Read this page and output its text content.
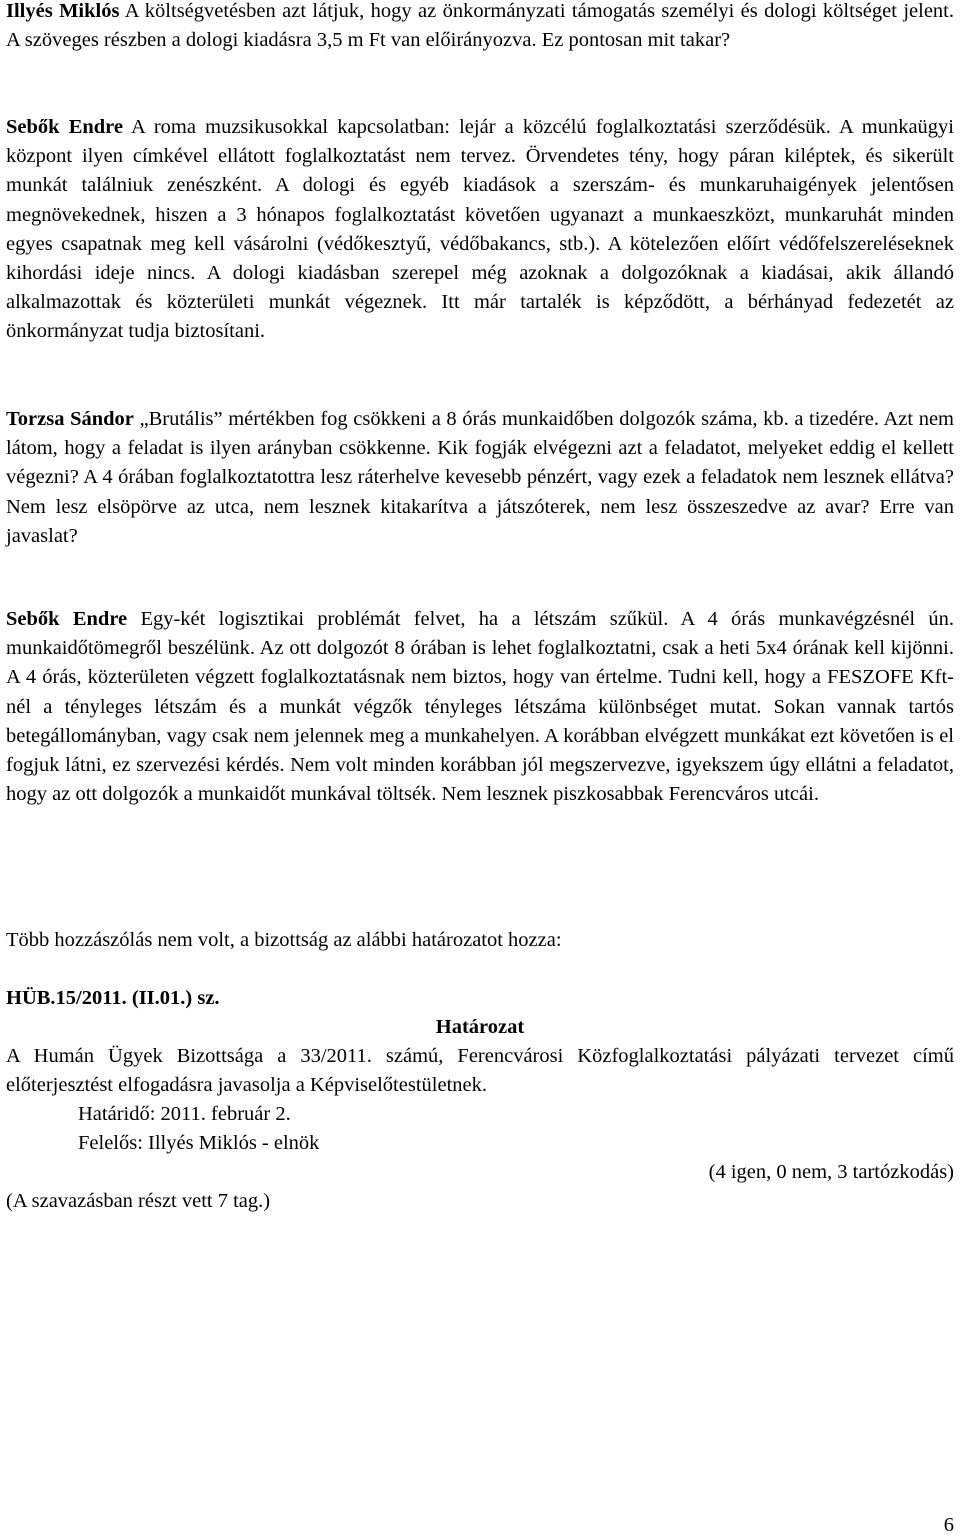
Illyés Miklós A költségvetésben azt látjuk, hogy az önkormányzati támogatás személyi és dologi költséget jelent. A szöveges részben a dologi kiadásra 3,5 m Ft van előirányozva. Ez pontosan mit takar?

Sebők Endre A roma muzsikusokkal kapcsolatban: lejár a közcélú foglalkoztatási szerződésük. A munkaügyi központ ilyen címkével ellátott foglalkoztatást nem tervez. Örvendetes tény, hogy páran kiléptek, és sikerült munkát találniuk zenészként. A dologi és egyéb kiadások a szerszám- és munkaruhaigények jelentősen megnövekednek, hiszen a 3 hónapos foglalkoztatást követően ugyanazt a munkaeszközt, munkaruhát minden egyes csapatnak meg kell vásárolni (védőkesztyű, védőbakancs, stb.). A kötelezően előírt védőfelszereléseknek kihordási ideje nincs. A dologi kiadásban szerepel még azoknak a dolgozóknak a kiadásai, akik állandó alkalmazottak és közterületi munkát végeznek. Itt már tartalék is képződött, a bérhányad fedezetét az önkormányzat tudja biztosítani.

Torzsa Sándor „Brutális” mértékben fog csökkeni a 8 órás munkaidőben dolgozók száma, kb. a tizedére. Azt nem látom, hogy a feladat is ilyen arányban csökkenne. Kik fogják elvégezni azt a feladatot, melyeket eddig el kellett végezni? A 4 órában foglalkoztatottra lesz ráterhelve kevesebb pénzért, vagy ezek a feladatok nem lesznek ellátva? Nem lesz elsöpörve az utca, nem lesznek kitakarítva a játszóterek, nem lesz összeszedve az avar? Erre van javaslat?

Sebők Endre Egy-két logisztikai problémát felvet, ha a létszám szűkül. A 4 órás munkavégzésnél ún. munkaidőtömegről beszélünk. Az ott dolgozót 8 órában is lehet foglalkoztatni, csak a heti 5x4 órának kell kijönni. A 4 órás, közterületen végzett foglalkoztatásnak nem biztos, hogy van értelme. Tudni kell, hogy a FESZOFE Kft-nél a tényleges létszám és a munkát végzők tényleges létszáma különbséget mutat. Sokan vannak tartós betegállományban, vagy csak nem jelennek meg a munkahelyen. A korábban elvégzett munkákat ezt követően is el fogjuk látni, ez szervezési kérdés. Nem volt minden korábban jól megszervezve, igyekszem úgy ellátni a feladatot, hogy az ott dolgozók a munkaidőt munkával töltsék. Nem lesznek piszkosabbak Ferencváros utcái.

Több hozzászólás nem volt, a bizottság az alábbi határozatot hozza:

HÜB.15/2011. (II.01.) sz.
Határozat
A Humán Ügyek Bizottsága a 33/2011. számú, Ferencvárosi Közfoglalkoztatási pályázati tervezet című előterjesztést elfogadásra javasolja a Képviselőtestületnek.
Határidő: 2011. február 2.
Felelős: Illyés Miklós - elnök
(4 igen, 0 nem, 3 tartózkodás)
(A szavazásban részt vett 7 tag.)
6
